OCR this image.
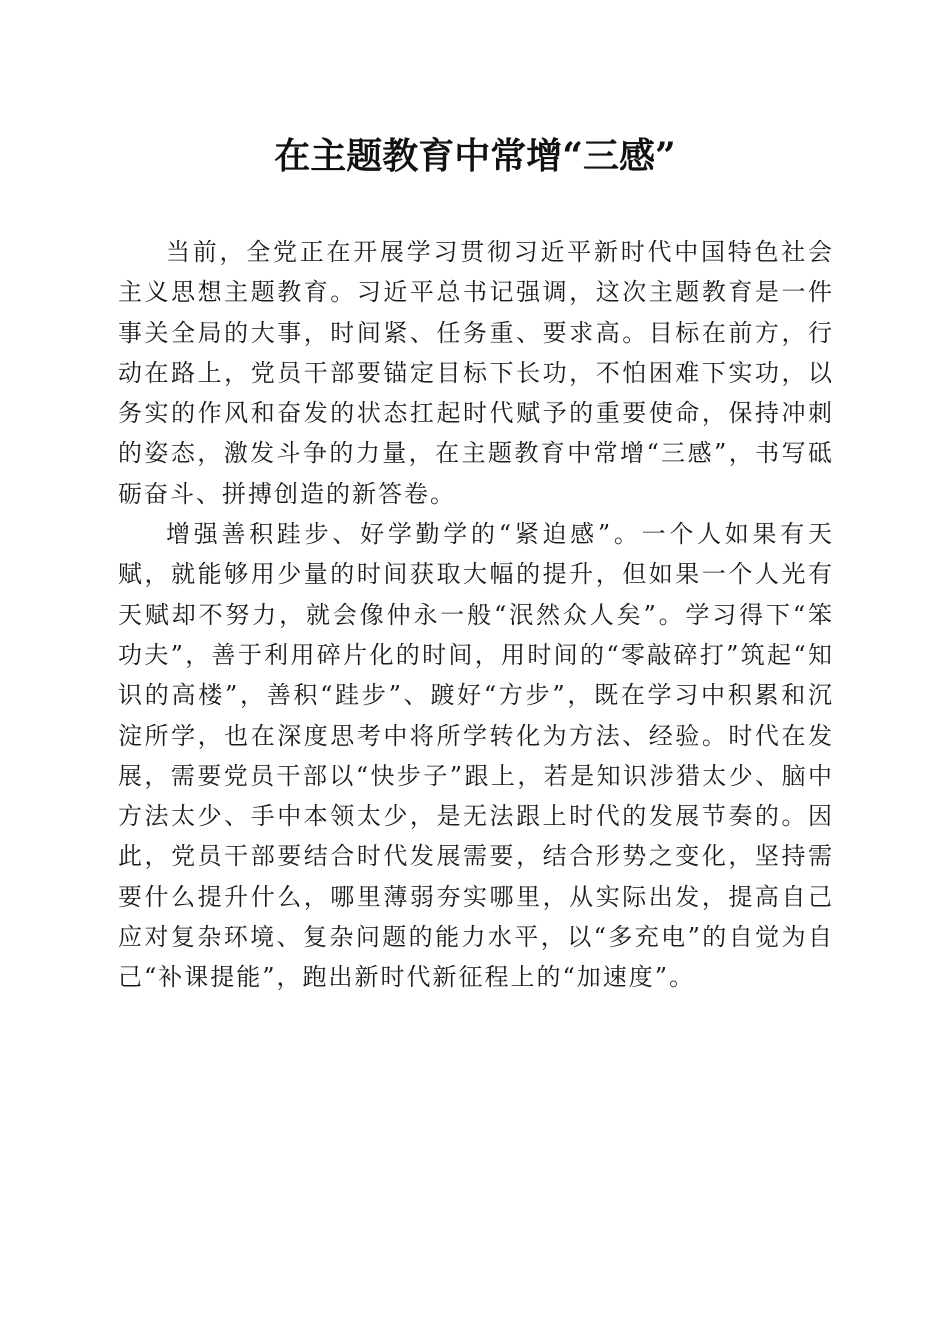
在主题教育中常增“三感”

当前，全党正在开展学习贯彻习近平新时代中国特色社会主义思想主题教育。习近平总书记强调，这次主题教育是一件事关全局的大事，时间紧、任务重、要求高。目标在前方，行动在路上，党员干部要锚定目标下长功，不怕困难下实功，以务实的作风和奋发的状态扛起时代赋予的重要使命，保持冲刺的姿态，激发斗争的力量，在主题教育中常增“三感”，书写砥砺奋斗、拼搏创造的新答卷。

增强善积跬步、好学勤学的“紧迫感”。一个人如果有天赋，就能够用少量的时间获取大幅的提升，但如果一个人光有天赋却不努力，就会像仲永一般“泯然众人矣”。学习得下“笨功夫”，善于利用碎片化的时间，用时间的“零敲碎打”筑起“知识的高楼”，善积“跬步”、踱好“方步”，既在学习中积累和沉淀所学，也在深度思考中将所学转化为方法、经验。时代在发展，需要党员干部以“快步子”跟上，若是知识涉猎太少、脑中方法太少、手中本领太少，是无法跟上时代的发展节奏的。因此，党员干部要结合时代发展需要，结合形势之变化，坚持需要什么提升什么，哪里薄弱夯实哪里，从实际出发，提高自己应对复杂环境、复杂问题的能力水平，以“多充电”的自觉为自己“补课提能”，跑出新时代新征程上的“加速度”。
